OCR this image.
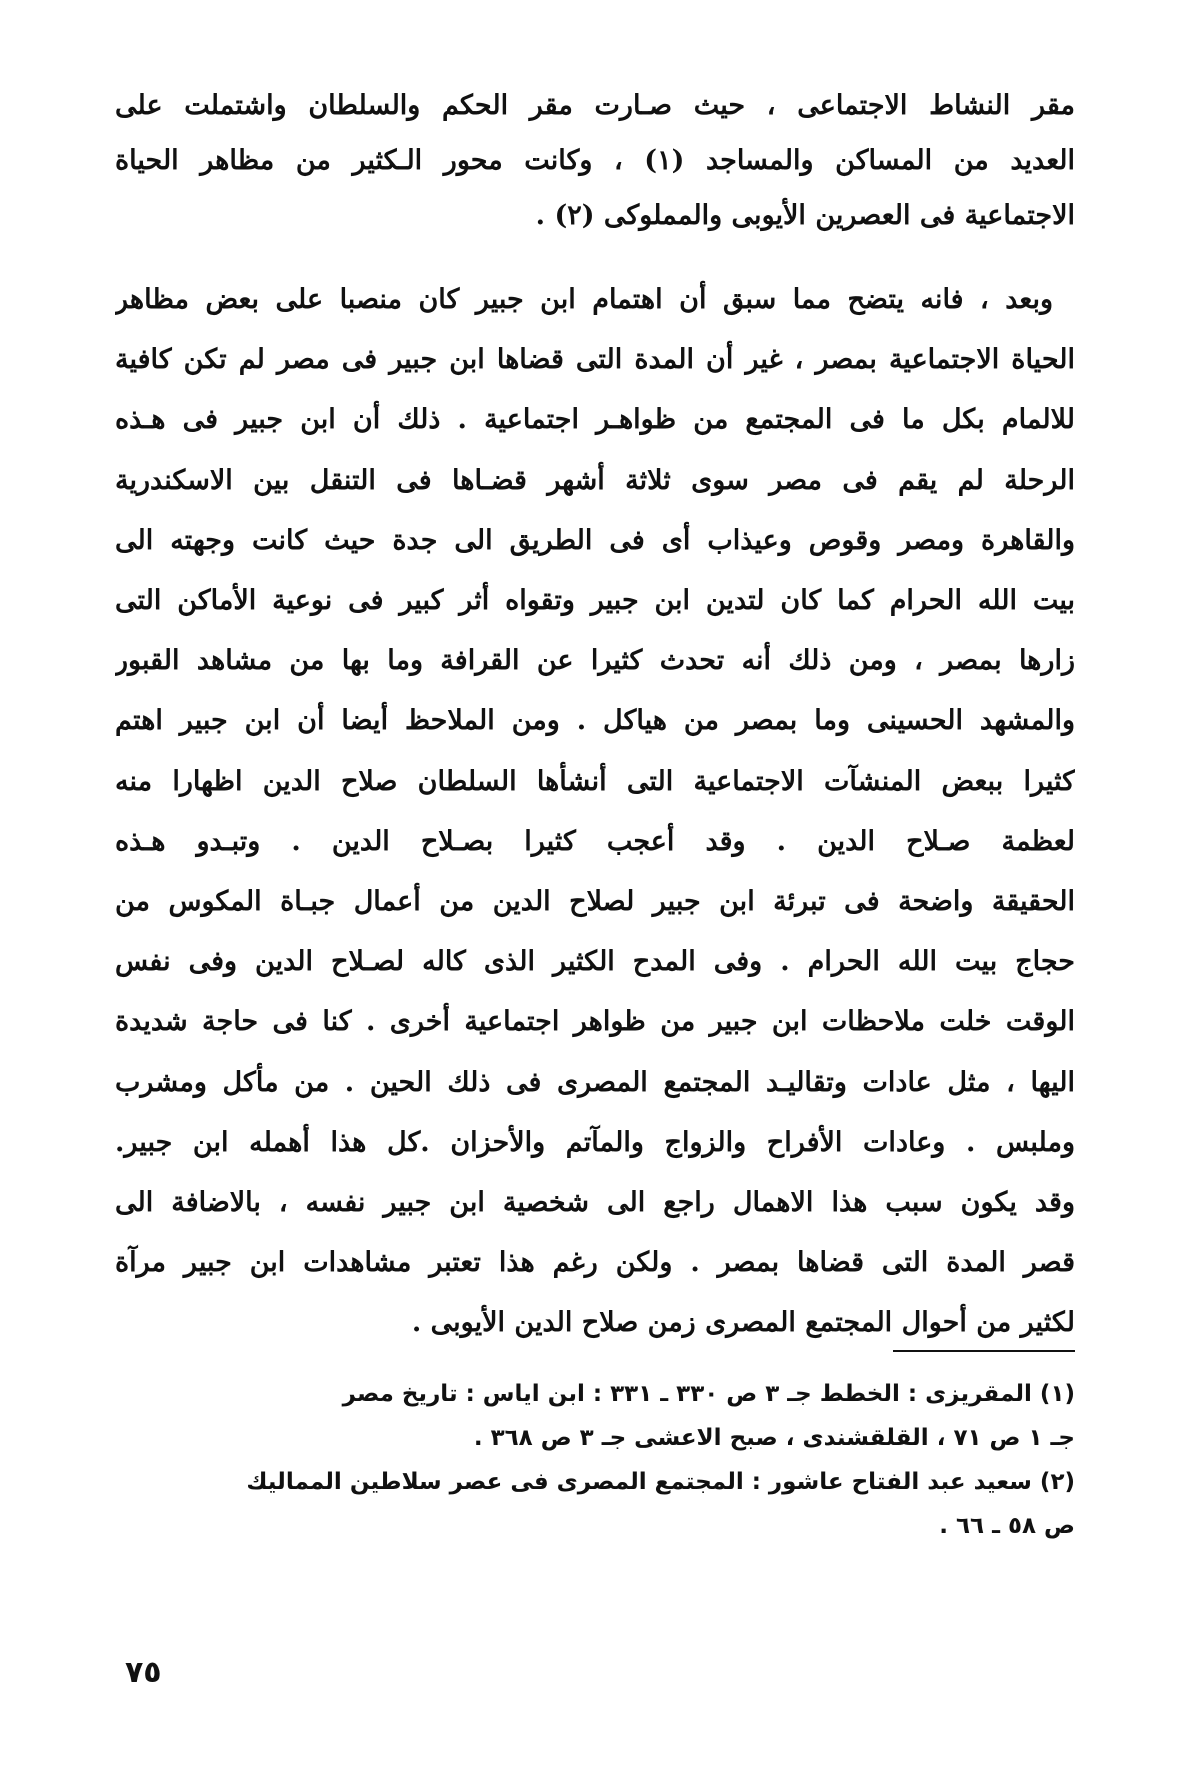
مقر النشاط الاجتماعى ، حيث صـارت مقر الحكم والسلطان واشتملت على
العديد من المساكن والمساجد (١) ، وكانت محور الـكثير من مظاهر الحياة
الاجتماعية فى العصرين الأيوبى والمملوكى (٢) .
وبعد ، فانه يتضح مما سبق أن اهتمام ابن جبير كان منصبا على بعض مظاهر
الحياة الاجتماعية بمصر ، غير أن المدة التى قضاها ابن جبير فى مصر لم تكن كافية
للالمام بكل ما فى المجتمع من ظواهـر اجتماعية . ذلك أن ابن جبير فى هـذه
الرحلة لم يقم فى مصر سوى ثلاثة أشهر قضـاها فى التنقل بين الاسكندرية
والقاهرة ومصر وقوص وعيذاب أى فى الطريق الى جدة حيث كانت وجهته الى
بيت الله الحرام كما كان لتدين ابن جبير وتقواه أثر كبير فى نوعية الأماكن التى
زارها بمصر ، ومن ذلك أنه تحدث كثيرا عن القرافة وما بها من مشاهد القبور
والمشهد الحسينى وما بمصر من هياكل . ومن الملاحظ أيضا أن ابن جبير اهتم
كثيرا ببعض المنشآت الاجتماعية التى أنشأها السلطان صلاح الدين اظهارا منه
لعظمة صـلاح الدين . وقد أعجب كثيرا بصـلاح الدين . وتبـدو هـذه
الحقيقة واضحة فى تبرئة ابن جبير لصلاح الدين من أعمال جبـاة المكوس من
حجاج بيت الله الحرام . وفى المدح الكثير الذى كاله لصـلاح الدين وفى نفس
الوقت خلت ملاحظات ابن جبير من ظواهر اجتماعية أخرى . كنا فى حاجة شديدة
اليها ، مثل عادات وتقاليـد المجتمع المصرى فى ذلك الحين . من مأكل ومشرب
وملبس . وعادات الأفراح والزواج والمآتم والأحزان .كل هذا أهمله ابن جبير.
وقد يكون سبب هذا الاهمال راجع الى شخصية ابن جبير نفسه ، بالاضافة الى
قصر المدة التى قضاها بمصر . ولكن رغم هذا تعتبر مشاهدات ابن جبير مرآة
لكثير من أحوال المجتمع المصرى زمن صلاح الدين الأيوبى .
(١) المقريزى : الخطط جـ ٣ ص ٣٣٠ ـ ٣٣١ : ابن اياس : تاريخ مصر
جـ ١ ص ٧١ ، القلقشندى ، صبح الاعشى جـ ٣ ص ٣٦٨ .
(٢) سعيد عبد الفتاح عاشور : المجتمع المصرى فى عصر سلاطين المماليك
ص ٥٨ ـ ٦٦ .
٧٥
